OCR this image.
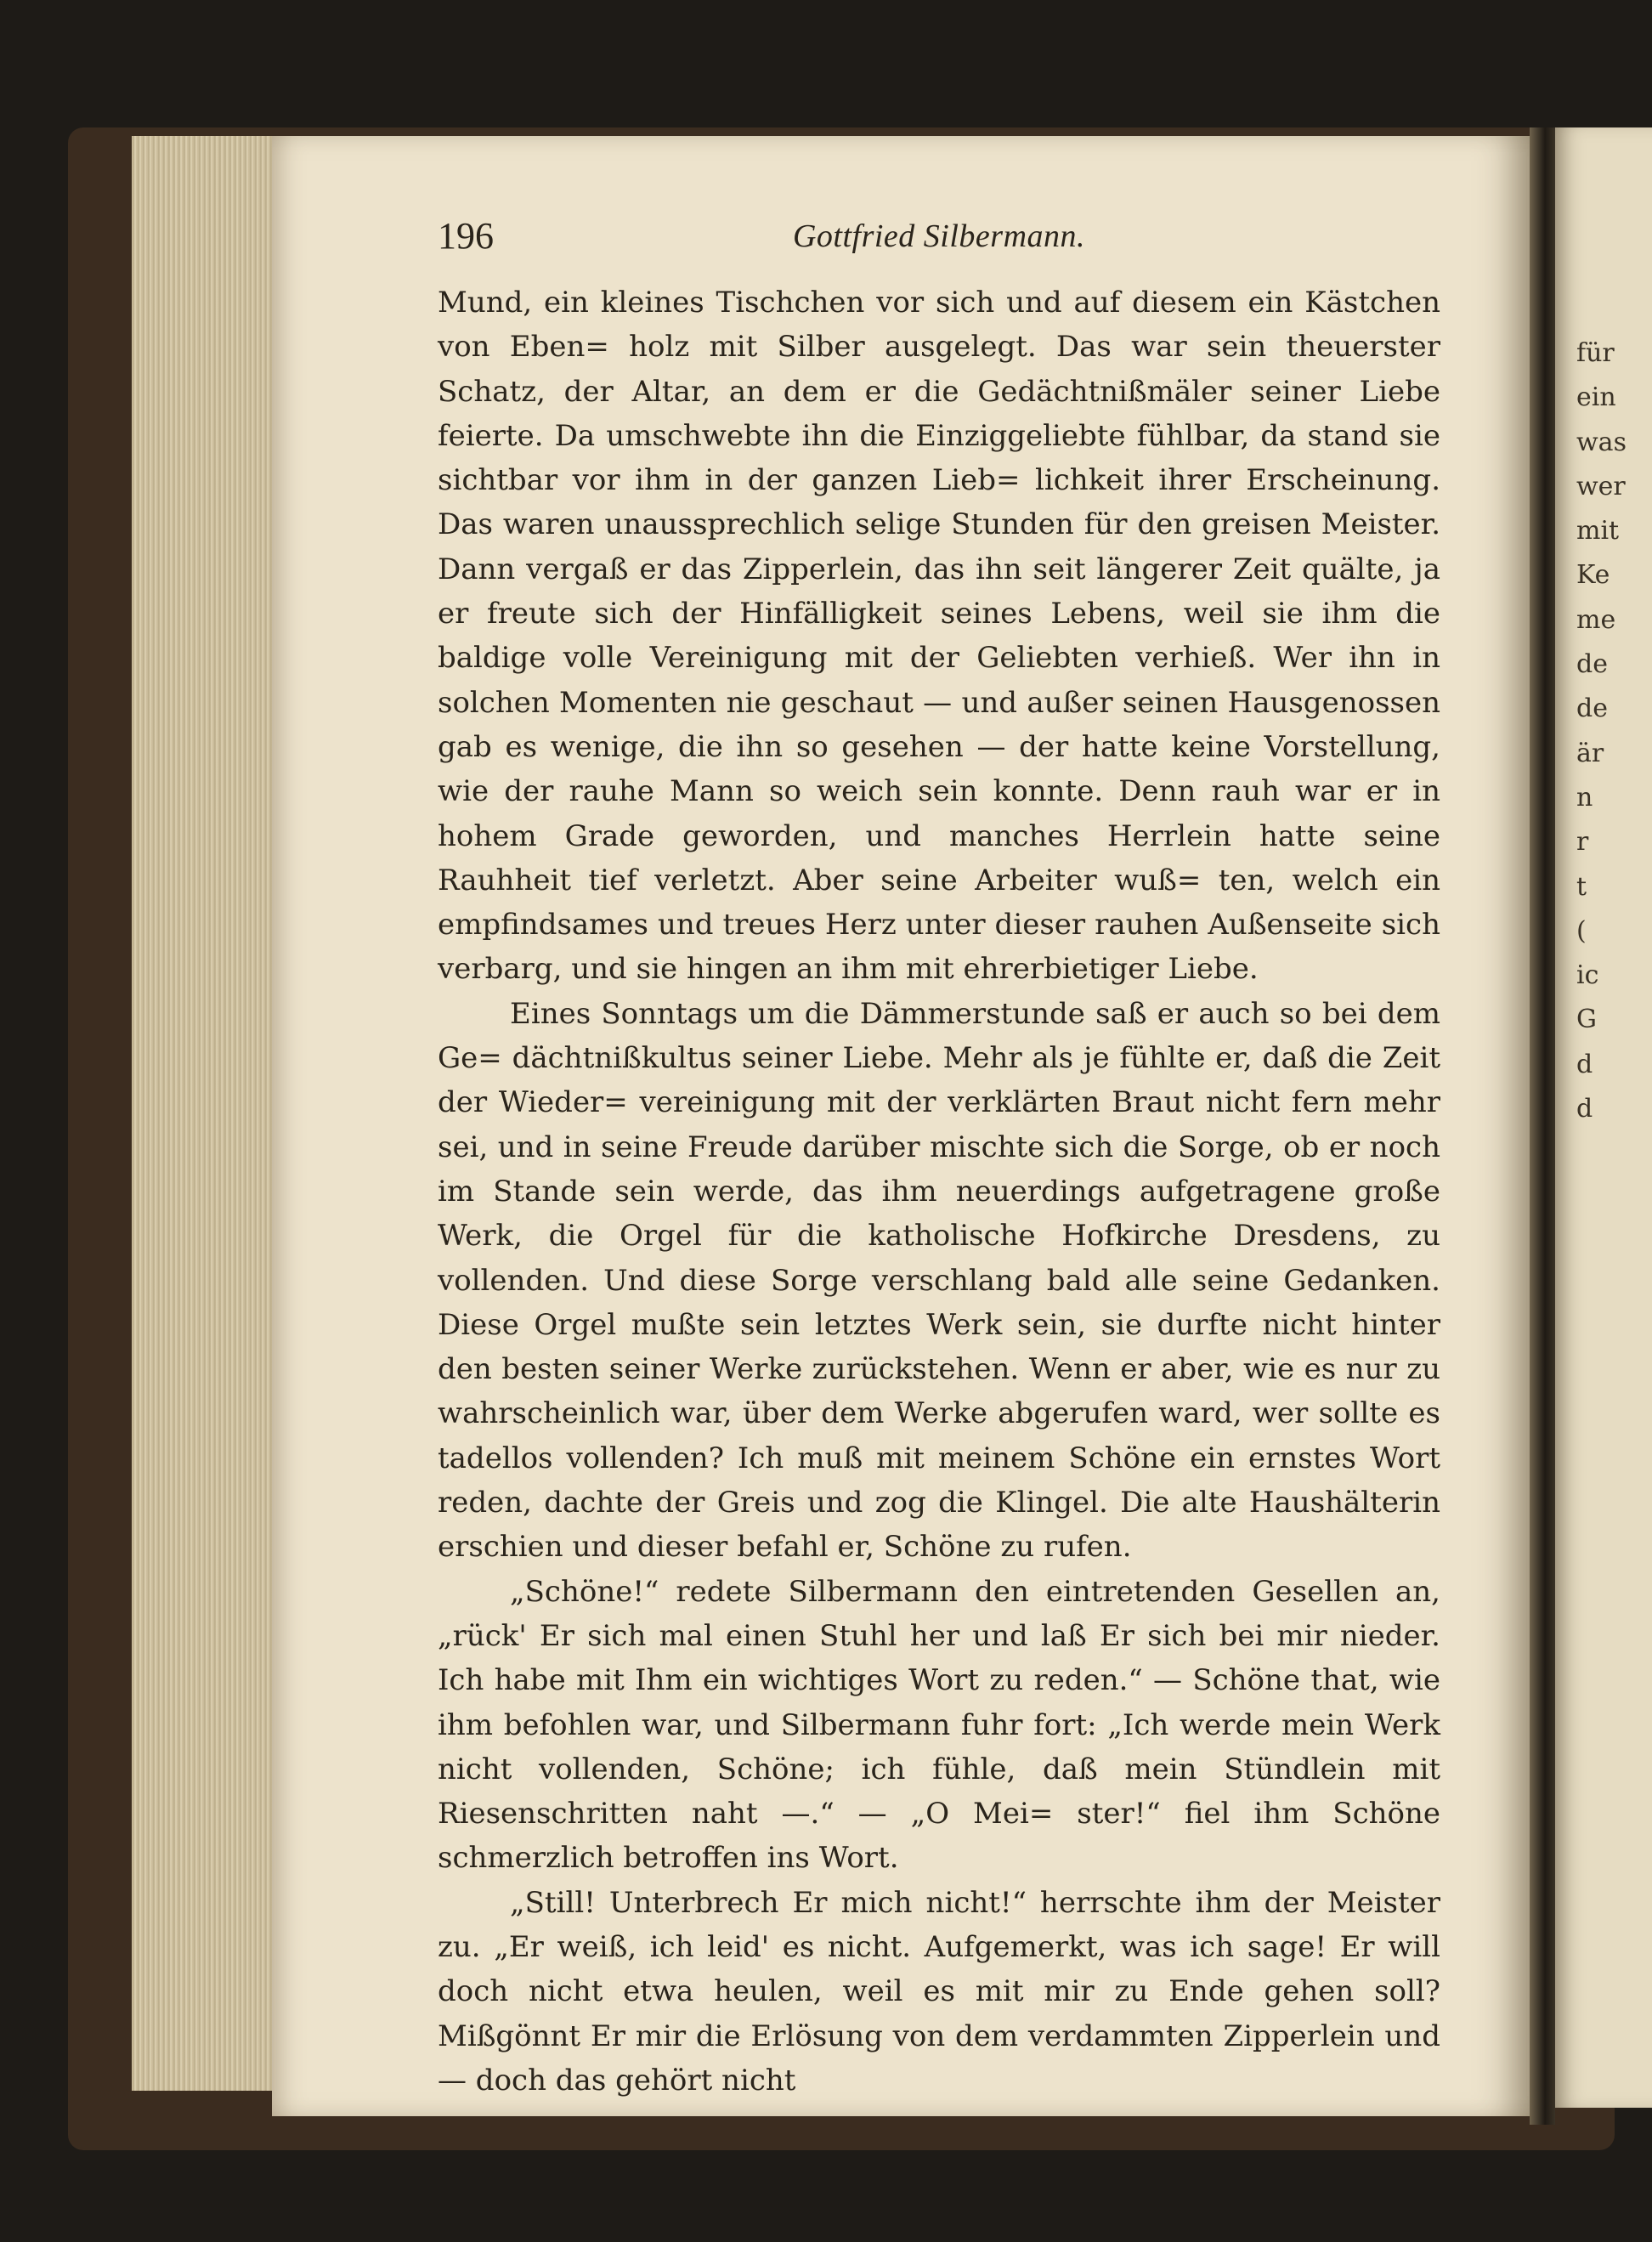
196	Gottfried Silbermann.

Mund, ein kleines Tischchen vor sich und auf diesem ein Kästchen von Eben= holz mit Silber ausgelegt. Das war sein theuerster Schatz, der Altar, an dem er die Gedächtnißmäler seiner Liebe feierte. Da umschwebte ihn die Einziggeliebte fühlbar, da stand sie sichtbar vor ihm in der ganzen Lieb= lichkeit ihrer Erscheinung. Das waren unaussprechlich selige Stunden für den greisen Meister. Dann vergaß er das Zipperlein, das ihn seit längerer Zeit quälte, ja er freute sich der Hinfälligkeit seines Lebens, weil sie ihm die baldige volle Vereinigung mit der Geliebten verhieß. Wer ihn in solchen Momenten nie geschaut — und außer seinen Hausgenossen gab es wenige, die ihn so gesehen — der hatte keine Vorstellung, wie der rauhe Mann so weich sein konnte. Denn rauh war er in hohem Grade geworden, und manches Herrlein hatte seine Rauhheit tief verletzt. Aber seine Arbeiter wuß= ten, welch ein empfindsames und treues Herz unter dieser rauhen Außenseite sich verbarg, und sie hingen an ihm mit ehrerbietiger Liebe.

Eines Sonntags um die Dämmerstunde saß er auch so bei dem Ge= dächtnißkultus seiner Liebe. Mehr als je fühlte er, daß die Zeit der Wieder= vereinigung mit der verklärten Braut nicht fern mehr sei, und in seine Freude darüber mischte sich die Sorge, ob er noch im Stande sein werde, das ihm neuerdings aufgetragene große Werk, die Orgel für die katholische Hofkirche Dresdens, zu vollenden. Und diese Sorge verschlang bald alle seine Gedanken. Diese Orgel mußte sein letztes Werk sein, sie durfte nicht hinter den besten seiner Werke zurückstehen. Wenn er aber, wie es nur zu wahrscheinlich war, über dem Werke abgerufen ward, wer sollte es tadellos vollenden? Ich muß mit meinem Schöne ein ernstes Wort reden, dachte der Greis und zog die Klingel. Die alte Haushälterin erschien und dieser befahl er, Schöne zu rufen.

„Schöne!“ redete Silbermann den eintretenden Gesellen an, „rück' Er sich mal einen Stuhl her und laß Er sich bei mir nieder. Ich habe mit Ihm ein wichtiges Wort zu reden.“ — Schöne that, wie ihm befohlen war, und Silbermann fuhr fort: „Ich werde mein Werk nicht vollenden, Schöne; ich fühle, daß mein Stündlein mit Riesenschritten naht —.“ — „O Mei= ster!“ fiel ihm Schöne schmerzlich betroffen ins Wort.

„Still! Unterbrech Er mich nicht!“ herrschte ihm der Meister zu. „Er weiß, ich leid' es nicht. Aufgemerkt, was ich sage! Er will doch nicht etwa heulen, weil es mit mir zu Ende gehen soll? Mißgönnt Er mir die Erlösung von dem verdammten Zipperlein und — doch das gehört nicht

für
ein
was
wer
mit
Ke
me
de
de
är
n
r
t
(
ic
G
d
d
